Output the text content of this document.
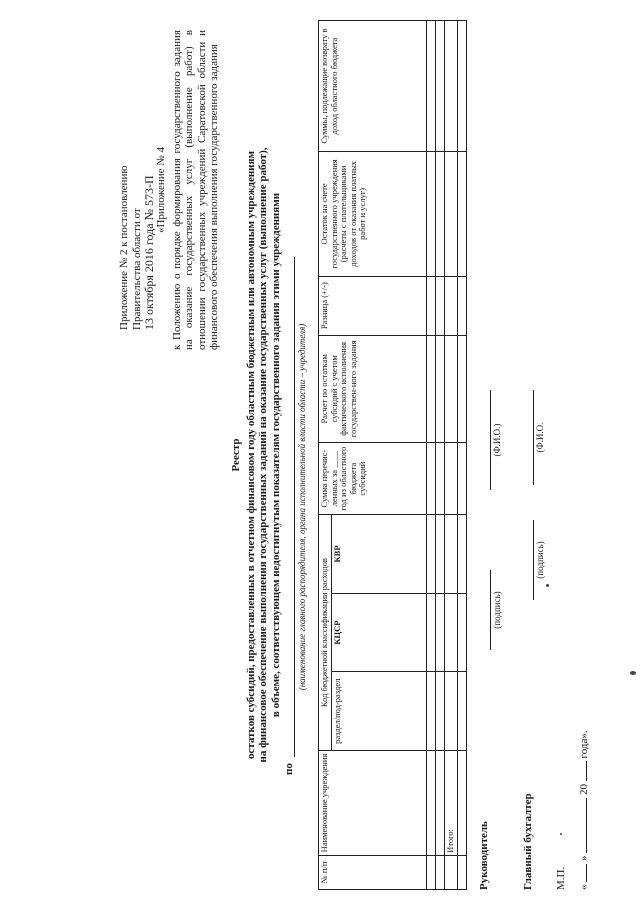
Приложение № 2 к постановлению Правительства области от 13 октября 2016 года № 573-П «Приложение № 4 к Положению о порядке формирования государственного задания на оказание государственных услуг (выполнение работ) в отношении государственных учреждений Саратовской области и финансового обеспечения выполнения государственного задания
Реестр остатков субсидий, предоставленных в отчетном финансовом году областным бюджетным или автономным учреждениям на финансовое обеспечение выполнения государственных заданий на оказание государственных услуг (выполнение работ), в объеме, соответствующем недостигнутым показателям государственного задания этими учреждениями
по
(наименование главного распорядителя, органа исполнительной власти области – учредителя)
№ п/п	Наименование учреждения	Код бюджетной классификации расходов			Сумма перечис-ленных за ____ год из областного бюджета субсидий	Расчет по остаткам субсидий с учетом фактического исполнения государствен-ного задания	Разница (+/-)	Остаток на счете государственного учреждения (расчеты с плательщиками доходов от оказания платных работ и услуг)	Суммы, подлежащие возврату в доход областного бюджета
		раздел/под-раздел	КЦСР	КВР					

	Итого:								
									Руководитель
(подпись)
(Ф.И.О.)
Главный бухгалтер
(подпись)
(Ф.И.О.
М.П. «  »  20  года».
